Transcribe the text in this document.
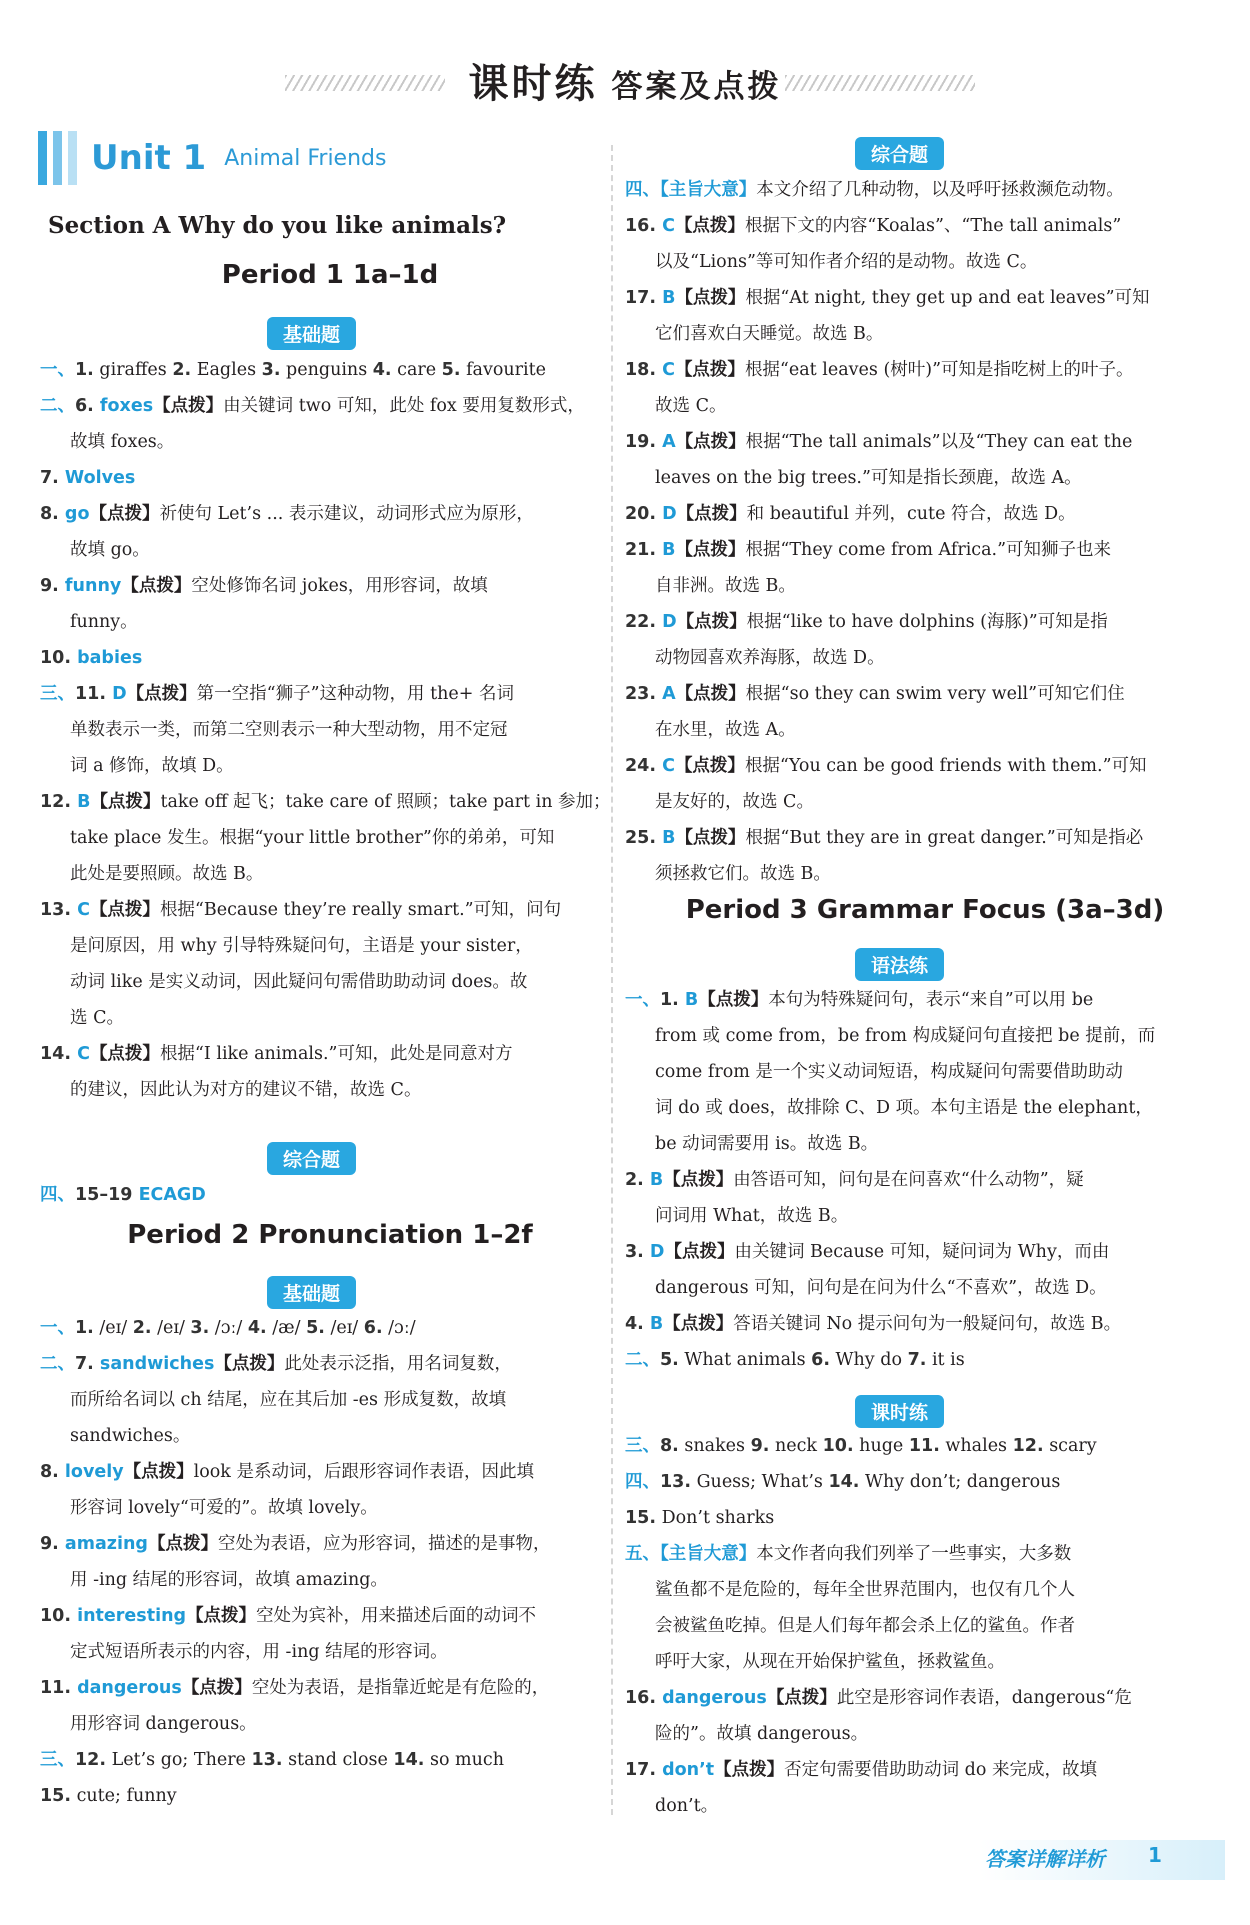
课时练 答案及点拨
Unit 1 Animal Friends
Section A Why do you like animals?
Period 1 1a–1d
基础题
一、1. giraffes 2. Eagles 3. penguins 4. care 5. favourite
二、6. foxes【点拨】由关键词 two 可知，此处 fox 要用复数形式，
故填 foxes。
7. Wolves
8. go【点拨】祈使句 Let’s ... 表示建议，动词形式应为原形，
故填 go。
9. funny【点拨】空处修饰名词 jokes，用形容词，故填
funny。
10. babies
三、11. D【点拨】第一空指“狮子”这种动物，用 the+ 名词
单数表示一类，而第二空则表示一种大型动物，用不定冠
词 a 修饰，故填 D。
12. B【点拨】take off 起飞；take care of 照顾；take part in 参加；
take place 发生。根据“your little brother”你的弟弟，可知
此处是要照顾。故选 B。
13. C【点拨】根据“Because they’re really smart.”可知，问句
是问原因，用 why 引导特殊疑问句，主语是 your sister，
动词 like 是实义动词，因此疑问句需借助助动词 does。故
选 C。
14. C【点拨】根据“I like animals.”可知，此处是同意对方
的建议，因此认为对方的建议不错，故选 C。
综合题
四、15–19 ECAGD
Period 2 Pronunciation 1–2f
基础题
一、1. /eɪ/ 2. /eɪ/ 3. /ɔː/ 4. /æ/ 5. /eɪ/ 6. /ɔː/
二、7. sandwiches【点拨】此处表示泛指，用名词复数，
而所给名词以 ch 结尾，应在其后加 -es 形成复数，故填
sandwiches。
8. lovely【点拨】look 是系动词，后跟形容词作表语，因此填
形容词 lovely“可爱的”。故填 lovely。
9. amazing【点拨】空处为表语，应为形容词，描述的是事物，
用 -ing 结尾的形容词，故填 amazing。
10. interesting【点拨】空处为宾补，用来描述后面的动词不
定式短语所表示的内容，用 -ing 结尾的形容词。
11. dangerous【点拨】空处为表语，是指靠近蛇是有危险的，
用形容词 dangerous。
三、12. Let’s go; There 13. stand close 14. so much
15. cute; funny
综合题
四、【主旨大意】本文介绍了几种动物，以及呼吁拯救濒危动物。
16. C【点拨】根据下文的内容“Koalas”、“The tall animals”
以及“Lions”等可知作者介绍的是动物。故选 C。
17. B【点拨】根据“At night, they get up and eat leaves”可知
它们喜欢白天睡觉。故选 B。
18. C【点拨】根据“eat leaves (树叶)”可知是指吃树上的叶子。
故选 C。
19. A【点拨】根据“The tall animals”以及“They can eat the
leaves on the big trees.”可知是指长颈鹿，故选 A。
20. D【点拨】和 beautiful 并列，cute 符合，故选 D。
21. B【点拨】根据“They come from Africa.”可知狮子也来
自非洲。故选 B。
22. D【点拨】根据“like to have dolphins (海豚)”可知是指
动物园喜欢养海豚，故选 D。
23. A【点拨】根据“so they can swim very well”可知它们住
在水里，故选 A。
24. C【点拨】根据“You can be good friends with them.”可知
是友好的，故选 C。
25. B【点拨】根据“But they are in great danger.”可知是指必
须拯救它们。故选 B。
Period 3 Grammar Focus (3a–3d)
语法练
一、1. B【点拨】本句为特殊疑问句，表示“来自”可以用 be
from 或 come from，be from 构成疑问句直接把 be 提前，而
come from 是一个实义动词短语，构成疑问句需要借助助动
词 do 或 does，故排除 C、D 项。本句主语是 the elephant，
be 动词需要用 is。故选 B。
2. B【点拨】由答语可知，问句是在问喜欢“什么动物”，疑
问词用 What，故选 B。
3. D【点拨】由关键词 Because 可知，疑问词为 Why，而由
dangerous 可知，问句是在问为什么“不喜欢”，故选 D。
4. B【点拨】答语关键词 No 提示问句为一般疑问句，故选 B。
二、5. What animals 6. Why do 7. it is
课时练
三、8. snakes 9. neck 10. huge 11. whales 12. scary
四、13. Guess; What’s 14. Why don’t; dangerous
15. Don’t sharks
五、【主旨大意】本文作者向我们列举了一些事实，大多数
鲨鱼都不是危险的，每年全世界范围内，也仅有几个人
会被鲨鱼吃掉。但是人们每年都会杀上亿的鲨鱼。作者
呼吁大家，从现在开始保护鲨鱼，拯救鲨鱼。
16. dangerous【点拨】此空是形容词作表语，dangerous“危
险的”。故填 dangerous。
17. don’t【点拨】否定句需要借助助动词 do 来完成，故填
don’t。
答案详解详析 1
